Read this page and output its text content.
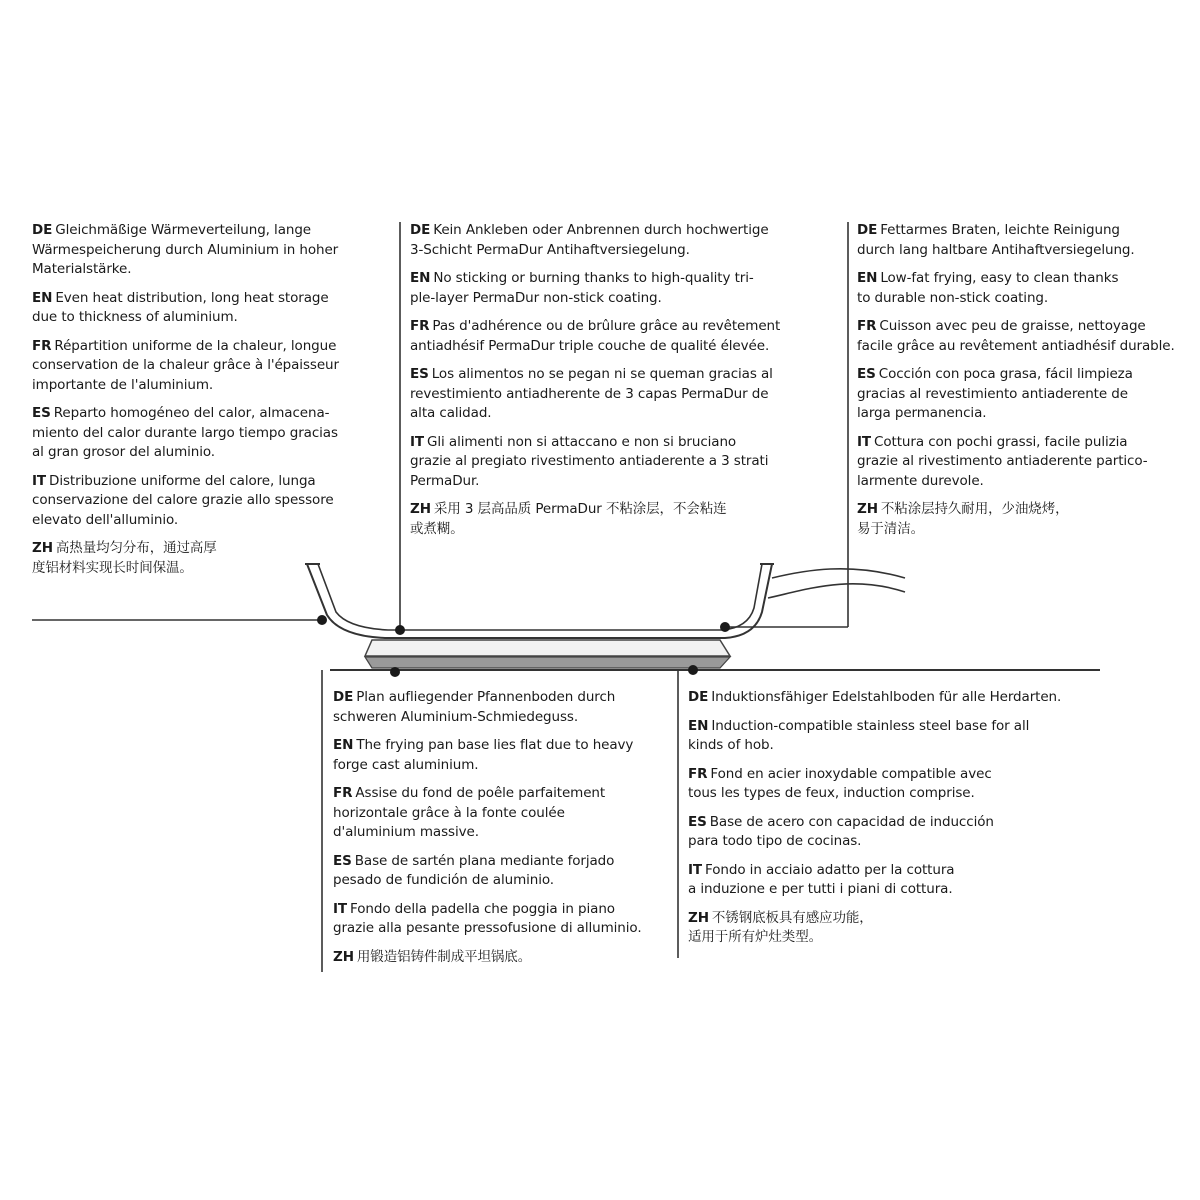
DE Gleichmäßige Wärmeverteilung, lange
Wärmespeicherung durch Aluminium in hoher
Materialstärke.

EN Even heat distribution, long heat storage
due to thickness of aluminium.

FR Répartition uniforme de la chaleur, longue
conservation de la chaleur grâce à l'épaisseur
importante de l'aluminium.

ES Reparto homogéneo del calor, almacena-
miento del calor durante largo tiempo gracias
al gran grosor del aluminio.

IT Distribuzione uniforme del calore, lunga
conservazione del calore grazie allo spessore
elevato dell'alluminio.

ZH 高热量均匀分布，通过高厚
度铝材料实现长时间保温。

DE Kein Ankleben oder Anbrennen durch hochwertige
3-Schicht PermaDur Antihaftversiegelung.

EN No sticking or burning thanks to high-quality tri-
ple-layer PermaDur non-stick coating.

FR Pas d'adhérence ou de brûlure grâce au revêtement
antiadhésif PermaDur triple couche de qualité élevée.

ES Los alimentos no se pegan ni se queman gracias al
revestimiento antiadherente de 3 capas PermaDur de
alta calidad.

IT Gli alimenti non si attaccano e non si bruciano
grazie al pregiato rivestimento antiaderente a 3 strati
PermaDur.

ZH 采用 3 层高品质 PermaDur 不粘涂层，不会粘连
或煮糊。

DE Fettarmes Braten, leichte Reinigung
durch lang haltbare Antihaftversiegelung.

EN Low-fat frying, easy to clean thanks
to durable non-stick coating.

FR Cuisson avec peu de graisse, nettoyage
facile grâce au revêtement antiadhésif durable.

ES Cocción con poca grasa, fácil limpieza
gracias al revestimiento antiaderente de
larga permanencia.

IT Cottura con pochi grassi, facile pulizia
grazie al rivestimento antiaderente partico-
larmente durevole.

ZH 不粘涂层持久耐用，少油烧烤，
易于清洁。

DE Plan aufliegender Pfannenboden durch
schweren Aluminium-Schmiedeguss.

EN The frying pan base lies flat due to heavy
forge cast aluminium.

FR Assise du fond de poêle parfaitement
horizontale grâce à la fonte coulée
d'aluminium massive.

ES Base de sartén plana mediante forjado
pesado de fundición de aluminio.

IT Fondo della padella che poggia in piano
grazie alla pesante pressofusione di alluminio.

ZH 用锻造铝铸件制成平坦锅底。

DE Induktionsfähiger Edelstahlboden für alle Herdarten.

EN Induction-compatible stainless steel base for all
kinds of hob.

FR Fond en acier inoxydable compatible avec
tous les types de feux, induction comprise.

ES Base de acero con capacidad de inducción
para todo tipo de cocinas.

IT Fondo in acciaio adatto per la cottura
a induzione e per tutti i piani di cottura.

ZH 不锈钢底板具有感应功能，
适用于所有炉灶类型。
